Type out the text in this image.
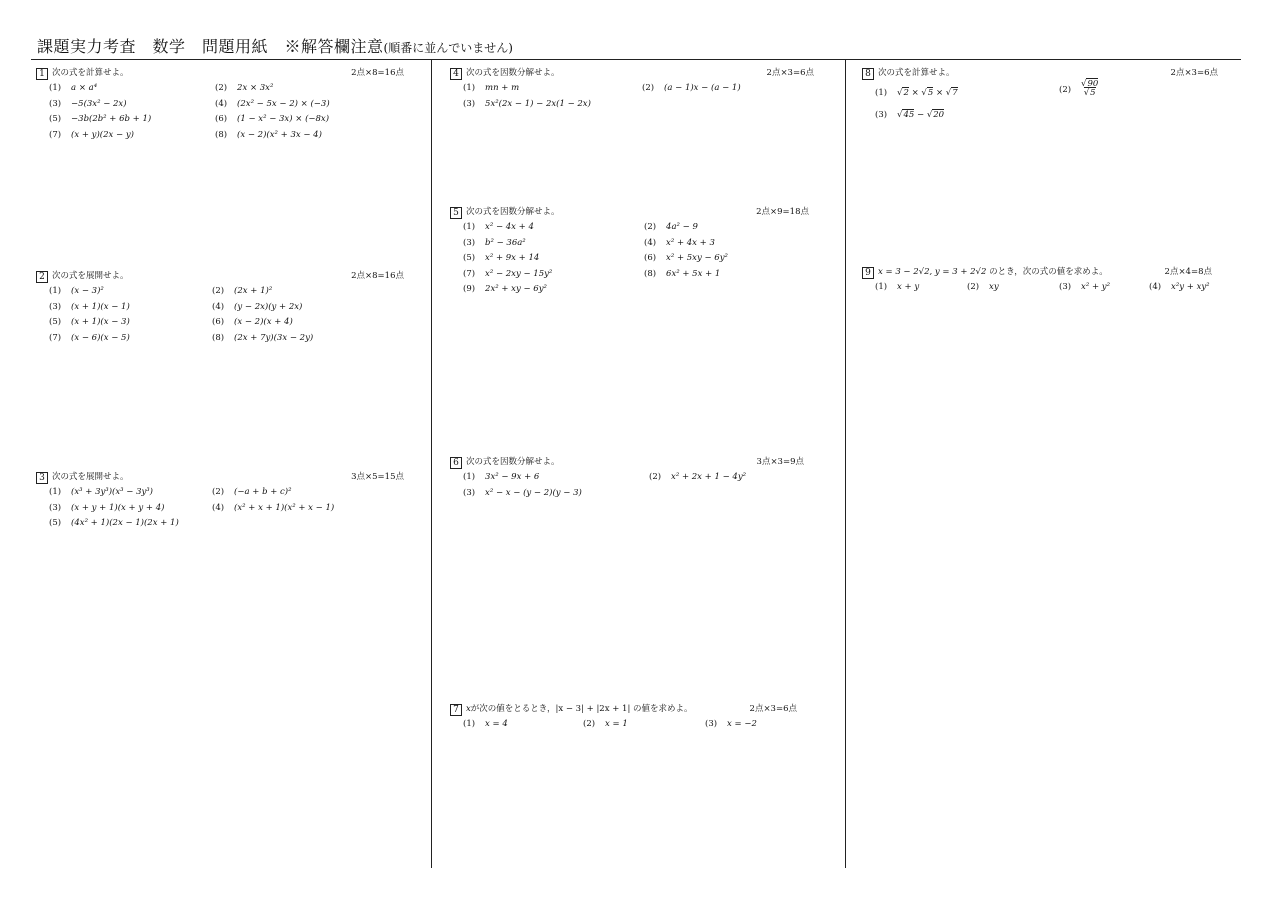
課題実力考査　数学　問題用紙　※解答欄注意(順番に並んでいません)
1 次の式を計算せよ。	2点×8=16点
(1) a × a⁴	(2) 2x × 3x²
(3) −5(3x² − 2x)	(4) (2x² − 5x − 2) × (−3)
(5) −3b(2b² + 6b + 1)	(6) (1 − x² − 3x) × (−8x)
(7) (x + y)(2x − y)	(8) (x − 2)(x² + 3x − 4)
2 次の式を展開せよ。	2点×8=16点
(1) (x − 3)²	(2) (2x + 1)²
(3) (x + 1)(x − 1)	(4) (y − 2x)(y + 2x)
(5) (x + 1)(x − 3)	(6) (x − 2)(x + 4)
(7) (x − 6)(x − 5)	(8) (2x + 7y)(3x − 2y)
3 次の式を展開せよ。	3点×5=15点
(1) (x³ + 3y³)(x³ − 3y³)	(2) (−a + b + c)²
(3) (x + y + 1)(x + y + 4)	(4) (x² + x + 1)(x² + x − 1)
(5) (4x² + 1)(2x − 1)(2x + 1)
4 次の式を因数分解せよ。	2点×3=6点
(1) mn + m	(2) (a − 1)x − (a − 1)
(3) 5x²(2x − 1) − 2x(1 − 2x)
5 次の式を因数分解せよ。	2点×9=18点
(1) x² − 4x + 4	(2) 4a² − 9
(3) b² − 36a²	(4) x² + 4x + 3
(5) x² + 9x + 14	(6) x² + 5xy − 6y²
(7) x² − 2xy − 15y²	(8) 6x² + 5x + 1
(9) 2x² + xy − 6y²
6 次の式を因数分解せよ。	3点×3=9点
(1) 3x² − 9x + 6	(2) x² + 2x + 1 − 4y²
(3) x² − x − (y − 2)(y − 3)
7 xが次の値をとるとき，|x − 3| + |2x + 1| の値を求めよ。	2点×3=6点
(1) x = 4	(2) x = 1	(3) x = −2
8 次の式を計算せよ。	2点×3=6点
(1) √2 × √5 × √7	$(2) \frac{√90}{√5}$
(3) √45 − √20
9 x = 3 − 2√2, y = 3 + 2√2 のとき，次の式の値を求めよ。	2点×4=8点
(1) x + y	(2) xy	(3) x² + y²	(4) x²y + xy²
